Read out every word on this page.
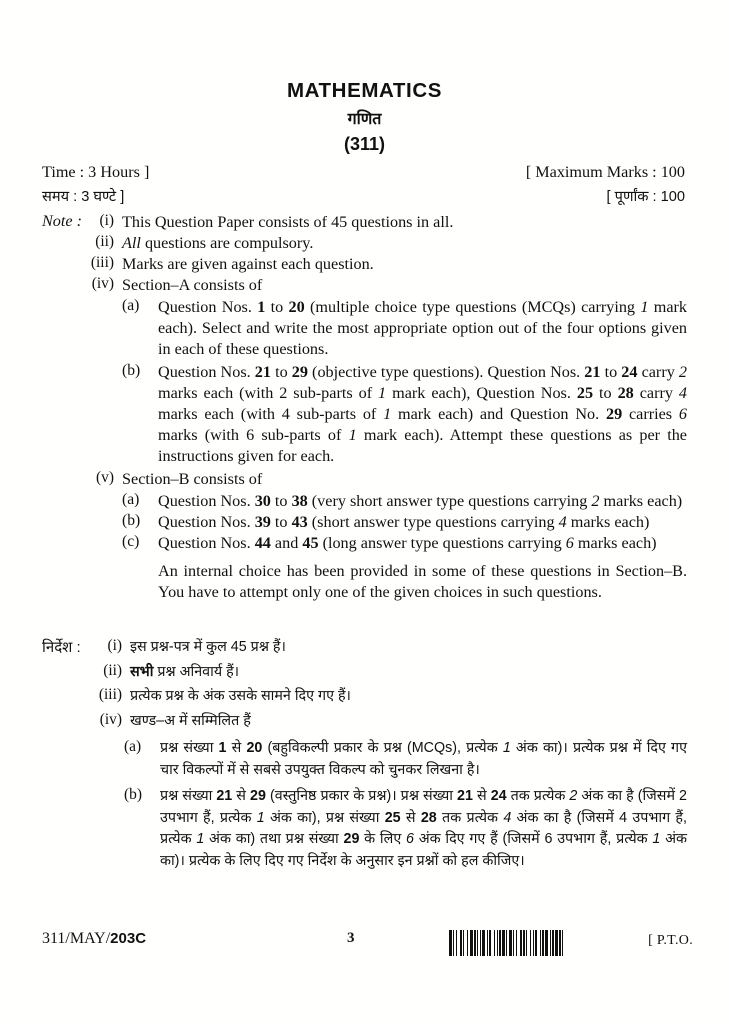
MATHEMATICS
गणित
(311)
Time : 3 Hours ]	[ Maximum Marks : 100
समय : 3 घण्टे ]	[ पूर्णांक : 100
Note :	(i) This Question Paper consists of 45 questions in all.
(ii) All questions are compulsory.
(iii) Marks are given against each question.
(iv) Section–A consists of
(a)	Question Nos. 1 to 20 (multiple choice type questions (MCQs) carrying 1 mark each). Select and write the most appropriate option out of the four options given in each of these questions.
(b)	Question Nos. 21 to 29 (objective type questions). Question Nos. 21 to 24 carry 2 marks each (with 2 sub-parts of 1 mark each), Question Nos. 25 to 28 carry 4 marks each (with 4 sub-parts of 1 mark each) and Question No. 29 carries 6 marks (with 6 sub-parts of 1 mark each). Attempt these questions as per the instructions given for each.
(v) Section–B consists of
(a)	Question Nos. 30 to 38 (very short answer type questions carrying 2 marks each)
(b)	Question Nos. 39 to 43 (short answer type questions carrying 4 marks each)
(c)	Question Nos. 44 and 45 (long answer type questions carrying 6 marks each)
An internal choice has been provided in some of these questions in Section–B. You have to attempt only one of the given choices in such questions.
निर्देश :	(i) इस प्रश्न-पत्र में कुल 45 प्रश्न हैं।
(ii) सभी प्रश्न अनिवार्य हैं।
(iii) प्रत्येक प्रश्न के अंक उसके सामने दिए गए हैं।
(iv) खण्ड–अ में सम्मिलित हैं
(a)	प्रश्न संख्या 1 से 20 (बहुविकल्पी प्रकार के प्रश्न (MCQs), प्रत्येक 1 अंक का)। प्रत्येक प्रश्न में दिए गए चार विकल्पों में से सबसे उपयुक्त विकल्प को चुनकर लिखना है।
(b)	प्रश्न संख्या 21 से 29 (वस्तुनिष्ठ प्रकार के प्रश्न)। प्रश्न संख्या 21 से 24 तक प्रत्येक 2 अंक का है (जिसमें 2 उपभाग हैं, प्रत्येक 1 अंक का), प्रश्न संख्या 25 से 28 तक प्रत्येक 4 अंक का है (जिसमें 4 उपभाग हैं, प्रत्येक 1 अंक का) तथा प्रश्न संख्या 29 के लिए 6 अंक दिए गए हैं (जिसमें 6 उपभाग हैं, प्रत्येक 1 अंक का)। प्रत्येक के लिए दिए गए निर्देश के अनुसार इन प्रश्नों को हल कीजिए।
311/MAY/203C	3	[ P.T.O.
